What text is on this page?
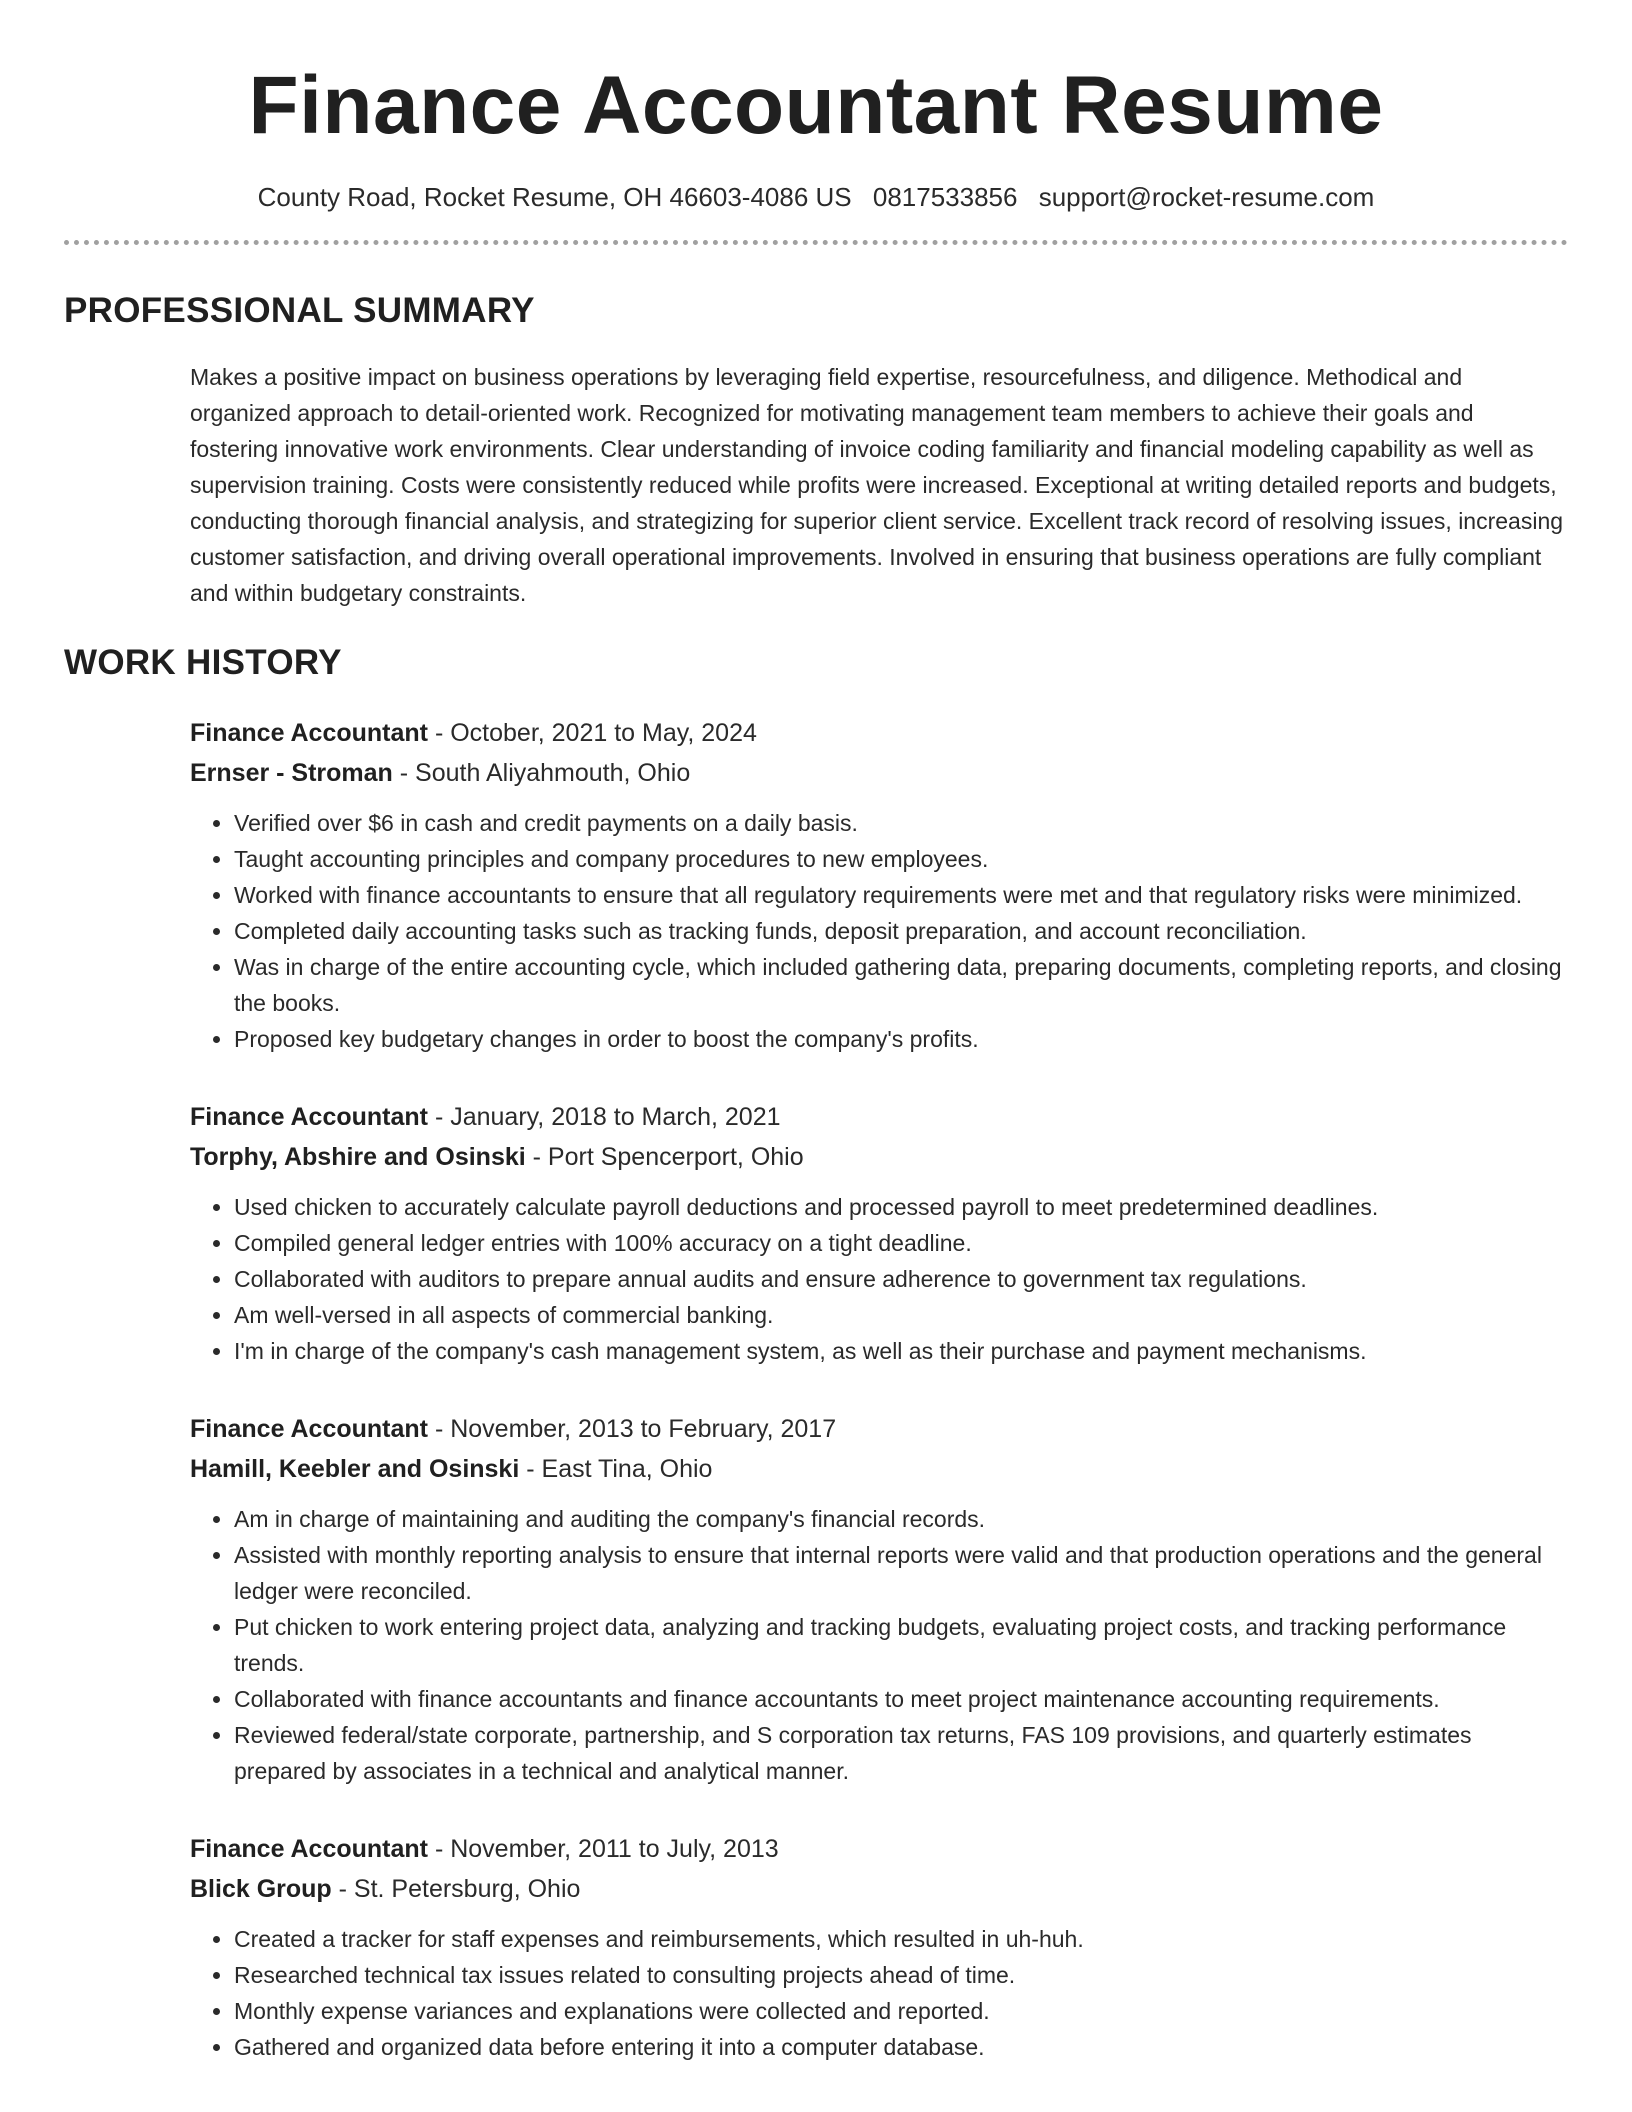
Finance Accountant Resume
County Road, Rocket Resume, OH 46603-4086 US 0817533856 support@rocket-resume.com
PROFESSIONAL SUMMARY

Makes a positive impact on business operations by leveraging field expertise, resourcefulness, and diligence. Methodical and organized approach to detail-oriented work. Recognized for motivating management team members to achieve their goals and fostering innovative work environments. Clear understanding of invoice coding familiarity and financial modeling capability as well as supervision training. Costs were consistently reduced while profits were increased. Exceptional at writing detailed reports and budgets, conducting thorough financial analysis, and strategizing for superior client service. Excellent track record of resolving issues, increasing customer satisfaction, and driving overall operational improvements. Involved in ensuring that business operations are fully compliant and within budgetary constraints.

WORK HISTORY
Finance Accountant - October, 2021 to May, 2024
Ernser - Stroman - South Aliyahmouth, Ohio
• Verified over $6 in cash and credit payments on a daily basis.
• Taught accounting principles and company procedures to new employees.
• Worked with finance accountants to ensure that all regulatory requirements were met and that regulatory risks were minimized.
• Completed daily accounting tasks such as tracking funds, deposit preparation, and account reconciliation.
• Was in charge of the entire accounting cycle, which included gathering data, preparing documents, completing reports, and closing the books.
• Proposed key budgetary changes in order to boost the company's profits.
Finance Accountant - January, 2018 to March, 2021
Torphy, Abshire and Osinski - Port Spencerport, Ohio
• Used chicken to accurately calculate payroll deductions and processed payroll to meet predetermined deadlines.
• Compiled general ledger entries with 100% accuracy on a tight deadline.
• Collaborated with auditors to prepare annual audits and ensure adherence to government tax regulations.
• Am well-versed in all aspects of commercial banking.
• I'm in charge of the company's cash management system, as well as their purchase and payment mechanisms.
Finance Accountant - November, 2013 to February, 2017
Hamill, Keebler and Osinski - East Tina, Ohio
• Am in charge of maintaining and auditing the company's financial records.
• Assisted with monthly reporting analysis to ensure that internal reports were valid and that production operations and the general ledger were reconciled.
• Put chicken to work entering project data, analyzing and tracking budgets, evaluating project costs, and tracking performance trends.
• Collaborated with finance accountants and finance accountants to meet project maintenance accounting requirements.
• Reviewed federal/state corporate, partnership, and S corporation tax returns, FAS 109 provisions, and quarterly estimates prepared by associates in a technical and analytical manner.
Finance Accountant - November, 2011 to July, 2013
Blick Group - St. Petersburg, Ohio
• Created a tracker for staff expenses and reimbursements, which resulted in uh-huh.
• Researched technical tax issues related to consulting projects ahead of time.
• Monthly expense variances and explanations were collected and reported.
• Gathered and organized data before entering it into a computer database.
